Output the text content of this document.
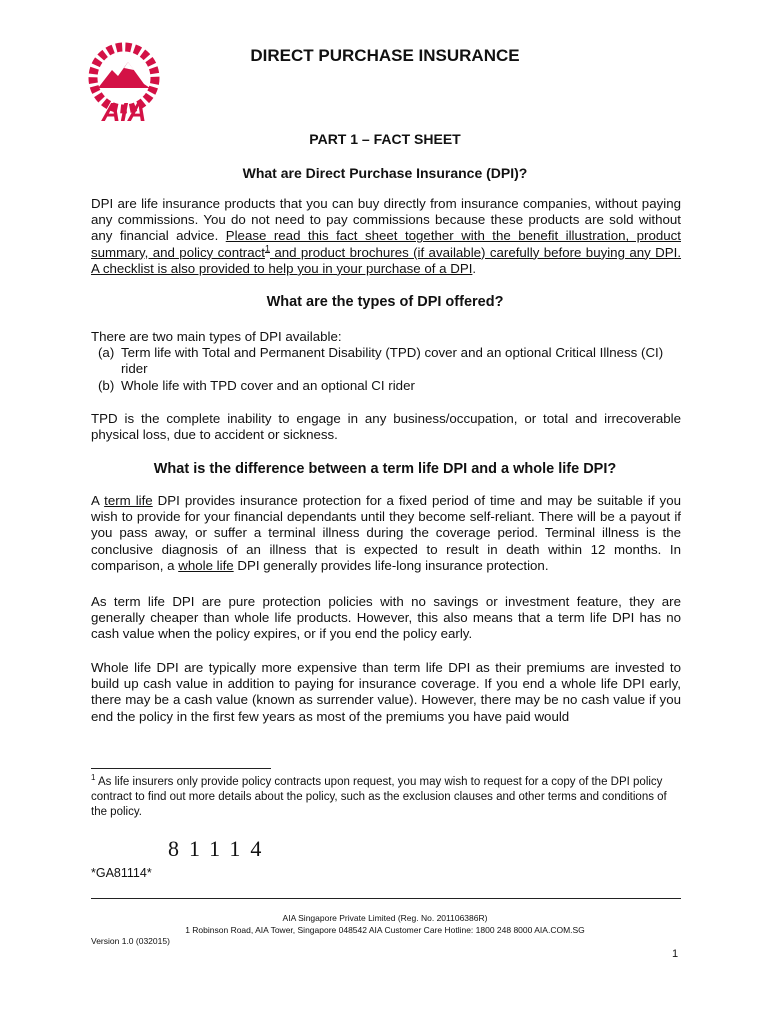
AIA
DIRECT PURCHASE INSURANCE
PART 1 – FACT SHEET
What are Direct Purchase Insurance (DPI)?
DPI are life insurance products that you can buy directly from insurance companies, without paying any commissions. You do not need to pay commissions because these products are sold without any financial advice. Please read this fact sheet together with the benefit illustration, product summary, and policy contract$^1$ and product brochures (if available) carefully before buying any DPI. A checklist is also provided to help you in your purchase of a DPI.
What are the types of DPI offered?
There are two main types of DPI available:
(a) Term life with Total and Permanent Disability (TPD) cover and an optional Critical Illness (CI) rider
(b) Whole life with TPD cover and an optional CI rider
TPD is the complete inability to engage in any business/occupation, or total and irrecoverable physical loss, due to accident or sickness.
What is the difference between a term life DPI and a whole life DPI?
A term life DPI provides insurance protection for a fixed period of time and may be suitable if you wish to provide for your financial dependants until they become self-reliant. There will be a payout if you pass away, or suffer a terminal illness during the coverage period. Terminal illness is the conclusive diagnosis of an illness that is expected to result in death within 12 months. In comparison, a whole life DPI generally provides life-long insurance protection.
As term life DPI are pure protection policies with no savings or investment feature, they are generally cheaper than whole life products. However, this also means that a term life DPI has no cash value when the policy expires, or if you end the policy early.
Whole life DPI are typically more expensive than term life DPI as their premiums are invested to build up cash value in addition to paying for insurance coverage. If you end a whole life DPI early, there may be a cash value (known as surrender value). However, there may be no cash value if you end the policy in the first few years as most of the premiums you have paid would
$^1$ As life insurers only provide policy contracts upon request, you may wish to request for a copy of the DPI policy contract to find out more details about the policy, such as the exclusion clauses and other terms and conditions of the policy.
81114
*GA81114*
AIA Singapore Private Limited (Reg. No. 201106386R)
1 Robinson Road, AIA Tower, Singapore 048542 AIA Customer Care Hotline: 1800 248 8000 AIA.COM.SG
Version 1.0 (032015)
1
